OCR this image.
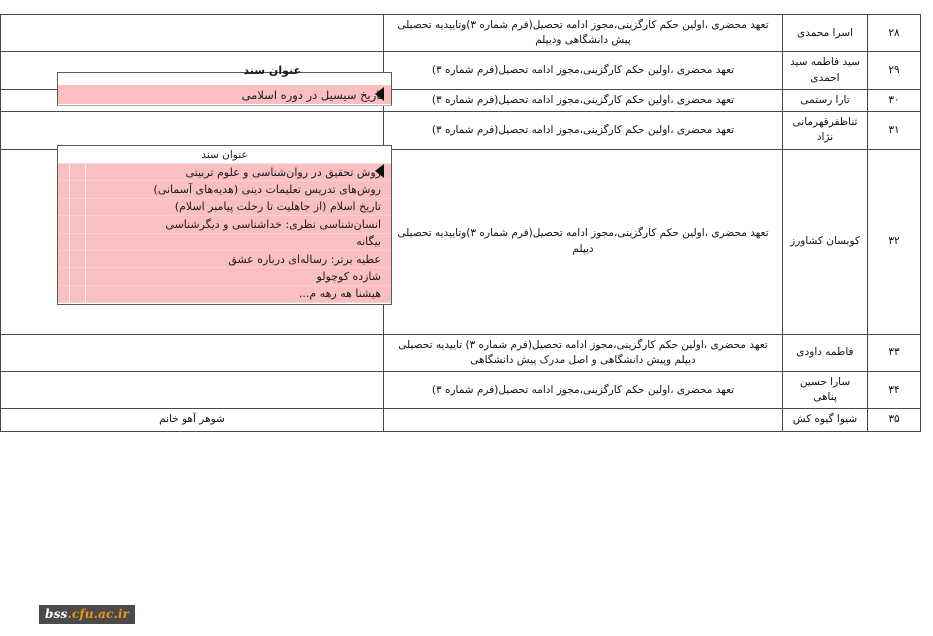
۲۸	اسرا محمدی	تعهد محضری ،اولین حکم کارگزینی،مجوز ادامه تحصیل(فرم شماره ۳)وتاییدیه تحصیلی پیش دانشگاهی ودیپلم	
۲۹	سید فاطمه سید احمدی	تعهد محضری ،اولین حکم کارگزینی،مجوز ادامه تحصیل(فرم شماره ۳)	
۳۰	تارا رستمی	تعهد محضری ،اولین حکم کارگزینی،مجوز ادامه تحصیل(فرم شماره ۳)	
۳۱	ثناظفرقهرمانی نژاد	تعهد محضری ،اولین حکم کارگزینی،مجوز ادامه تحصیل(فرم شماره ۳)	
۳۲	کوبسان کشاورز	تعهد محضری ،اولین حکم کارگزینی،مجوز ادامه تحصیل(فرم شماره ۳)وتاییدیه تحصیلی دیپلم	
۳۳	فاطمه داودی	تعهد محضری ،اولین حکم کارگزینی،مجوز ادامه تحصیل(فرم شماره ۳) تاییدیه تحصیلی دیپلم وپیش دانشگاهی و اصل مدرک پیش دانشگاهی	
۳۴	سارا حسین پناهی	تعهد محضری ،اولین حکم کارگزینی،مجوز ادامه تحصیل(فرم شماره ۳)	
۳۵	شیوا گیوه کش		شوهر آهو خانم
عنوان سند
تاریخ سیسیل در دوره اسلامی
عنوان سند
روش تحقیق در روان‌شناسی و علوم تربیتی
روش‌های تدریس تعلیمات دینی (هدیه‌های آسمانی)
تاریخ اسلام (از جاهلیت تا رحلت پیامبر اسلام)
انسان‌شناسی نظری: خداشناسی و دیگرشناسی
بیگانه
عطیه برتر: رساله‌ای درباره عشق
شازده کوچولو
هیشنا هه رهه م...
bss.cfu.ac.ir
